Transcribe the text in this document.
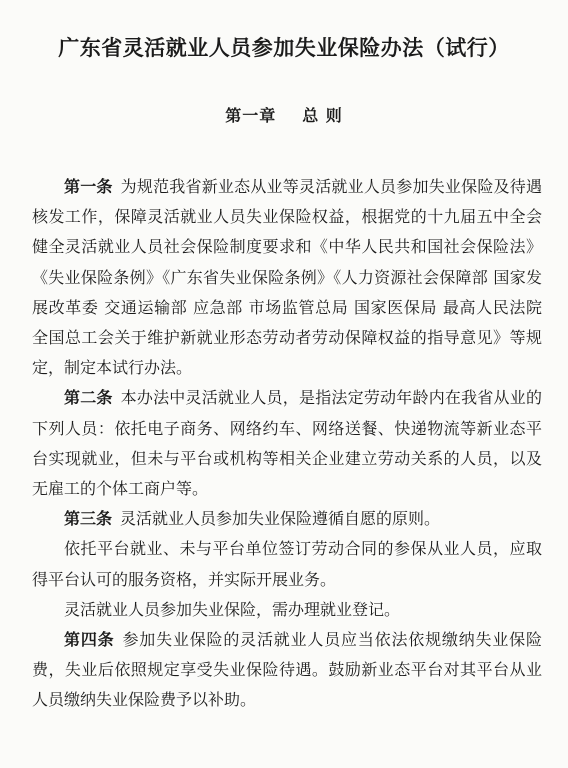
广东省灵活就业人员参加失业保险办法（试行）
第一章 总 则

第一条 为规范我省新业态从业等灵活就业人员参加失业保险及待遇核发工作，保障灵活就业人员失业保险权益，根据党的十九届五中全会健全灵活就业人员社会保险制度要求和《中华人民共和国社会保险法》《失业保险条例》《广东省失业保险条例》《人力资源社会保障部 国家发展改革委 交通运输部 应急部 市场监管总局 国家医保局 最高人民法院 全国总工会关于维护新就业形态劳动者劳动保障权益的指导意见》等规定，制定本试行办法。

第二条 本办法中灵活就业人员，是指法定劳动年龄内在我省从业的下列人员：依托电子商务、网络约车、网络送餐、快递物流等新业态平台实现就业，但未与平台或机构等相关企业建立劳动关系的人员，以及无雇工的个体工商户等。

第三条 灵活就业人员参加失业保险遵循自愿的原则。

依托平台就业、未与平台单位签订劳动合同的参保从业人员，应取得平台认可的服务资格，并实际开展业务。

灵活就业人员参加失业保险，需办理就业登记。

第四条 参加失业保险的灵活就业人员应当依法依规缴纳失业保险费，失业后依照规定享受失业保险待遇。鼓励新业态平台对其平台从业人员缴纳失业保险费予以补助。
